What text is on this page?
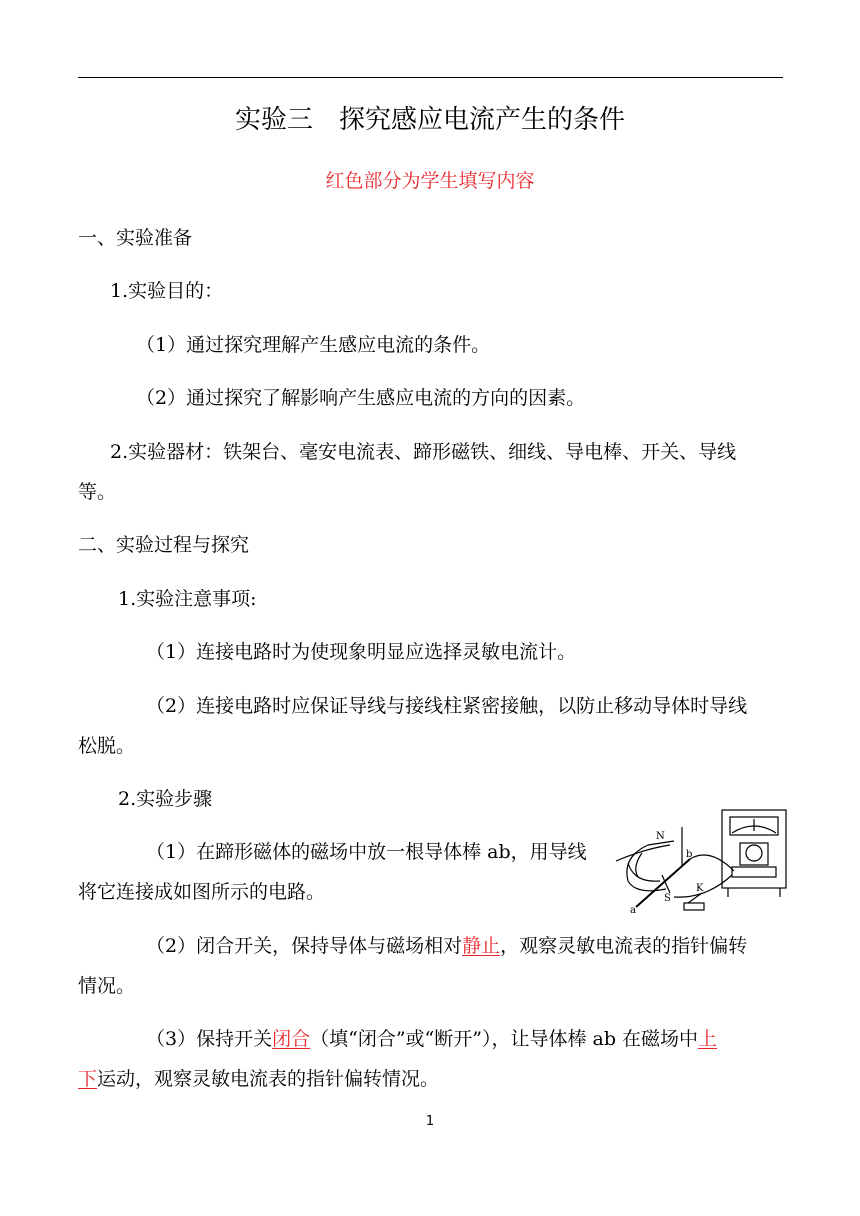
实验三　探究感应电流产生的条件
红色部分为学生填写内容
一、实验准备
1.实验目的：
（1）通过探究理解产生感应电流的条件。
（2）通过探究了解影响产生感应电流的方向的因素。
2.实验器材：铁架台、毫安电流表、蹄形磁铁、细线、导电棒、开关、导线
等。
二、实验过程与探究
1.实验注意事项:
（1）连接电路时为使现象明显应选择灵敏电流计。
（2）连接电路时应保证导线与接线柱紧密接触，以防止移动导体时导线
松脱。
2.实验步骤
（1）在蹄形磁体的磁场中放一根导体棒 ab，用导线
将它连接成如图所示的电路。
（2）闭合开关，保持导体与磁场相对静止，观察灵敏电流表的指针偏转
情况。
（3）保持开关闭合（填“闭合”或“断开”），让导体棒 ab 在磁场中上
下运动，观察灵敏电流表的指针偏转情况。
N
S
a
b
K
1
